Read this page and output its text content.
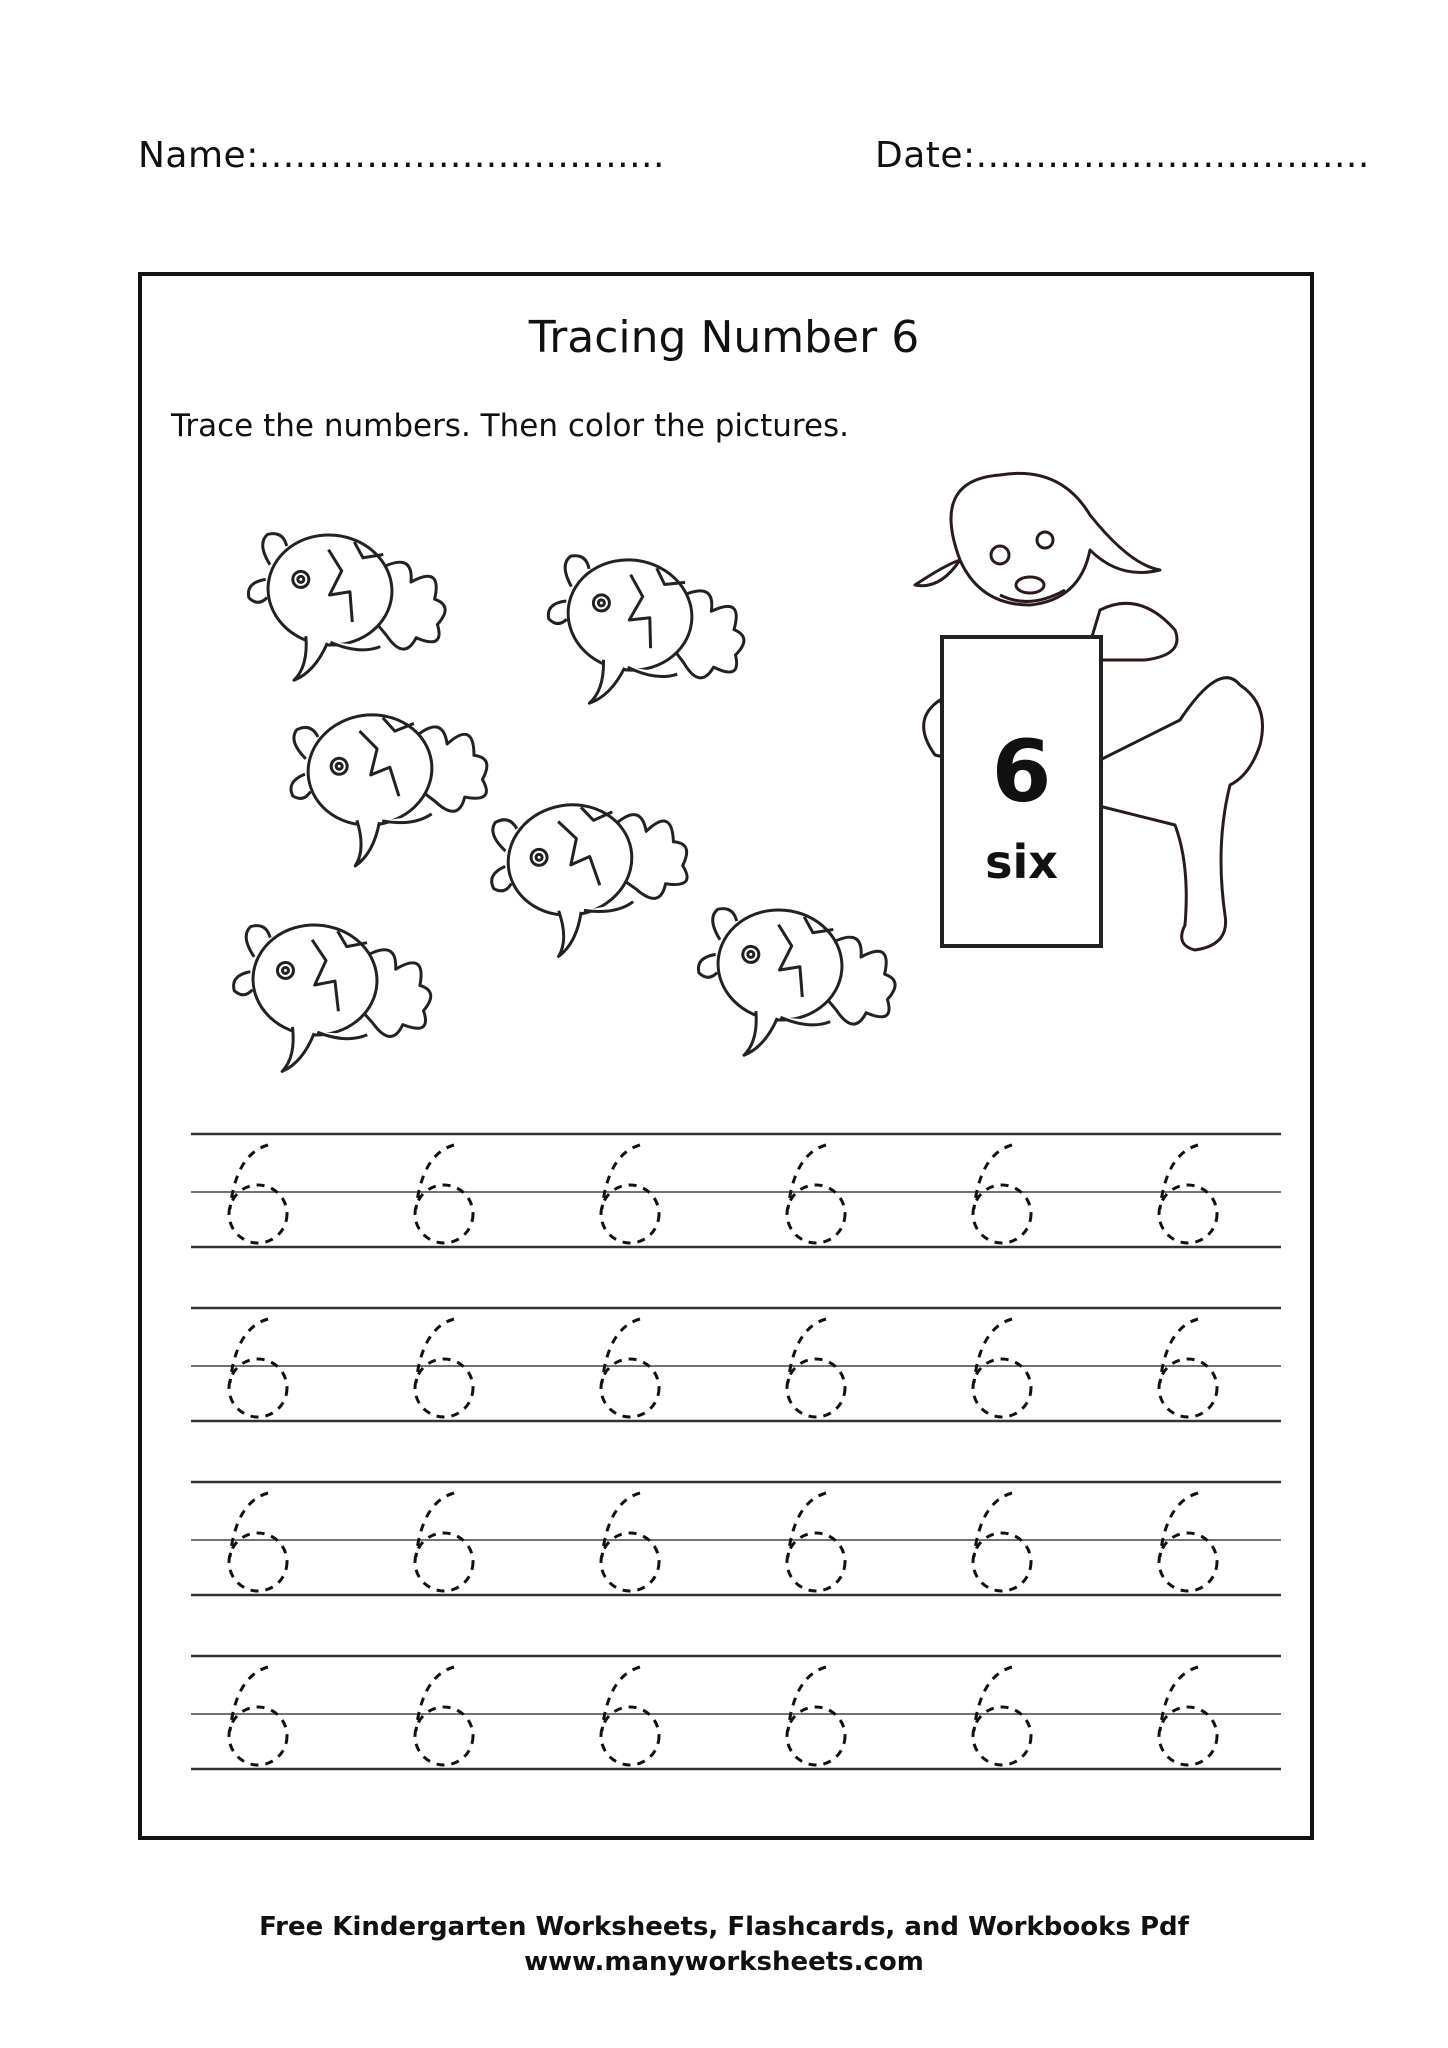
Name:..................................	Date:.................................
Tracing Number 6
Trace the numbers. Then color the pictures.
6
six
Free Kindergarten Worksheets, Flashcards, and Workbooks Pdf
www.manyworksheets.com
